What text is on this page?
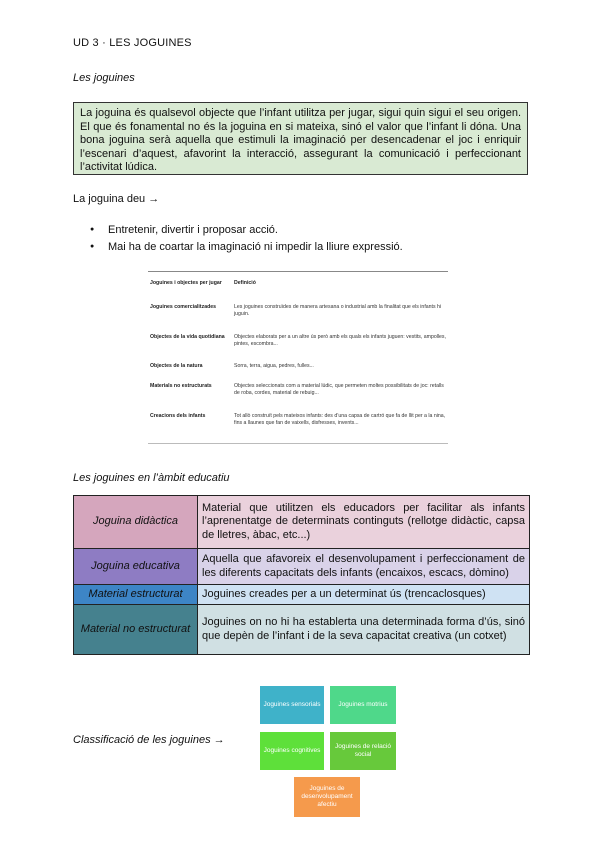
UD 3 · LES JOGUINES
Les joguines
La joguina és qualsevol objecte que l’infant utilitza per jugar, sigui quin sigui el seu origen. El que és fonamental no és la joguina en si mateixa, sinó el valor que l’infant li dóna. Una bona joguina serà aquella que estimuli la imaginació per desencadenar el joc i enriquir l’escenari d’aquest, afavorint la interacció, assegurant la comunicació i perfeccionant l’activitat lúdica.
La joguina deu →
● Entretenir, divertir i proposar acció.
● Mai ha de coartar la imaginació ni impedir la lliure expressió.
Joguines i objectes per jugar	Definició
Joguines comercialitzades	Les joguines construïdes de manera artesana o industrial amb la finalitat que els infants hi juguin.
Objectes de la vida quotidiana	Objectes elaborats per a un altre ús però amb els quals els infants juguen: vestits, ampolles, pintes, escombra...
Objectes de la natura	Sorra, terra, aigua, pedres, fulles...
Materials no estructurats	Objectes seleccionats com a material lúdic, que permeten moltes possibilitats de joc: retalls de roba, cordes, material de rebuig...
Creacions dels infants	Tot allò construït pels mateixos infants: des d’una capsa de cartró que fa de llit per a la nina, fins a llaunes que fan de vaixells, disfresses, invents...
Les joguines en l’àmbit educatiu
Joguina didàctica	Material que utilitzen els educadors per facilitar als infants l’aprenentatge de determinats continguts (rellotge didàctic, capsa de lletres, àbac, etc...)
Joguina educativa	Aquella que afavoreix el desenvolupament i perfeccionament de les diferents capacitats dels infants (encaixos, escacs, dòmino)
Material estructurat	Joguines creades per a un determinat ús (trencaclosques)
Material no estructurat	Joguines on no hi ha establerta una determinada forma d’ús, sinó que depèn de l’infant i de la seva capacitat creativa (un cotxet)
Classificació de les joguines →
Joguines sensorials	Joguines motrius
Joguines cognitives
Joguines de relació social
Joguines de desenvolupament afectiu
